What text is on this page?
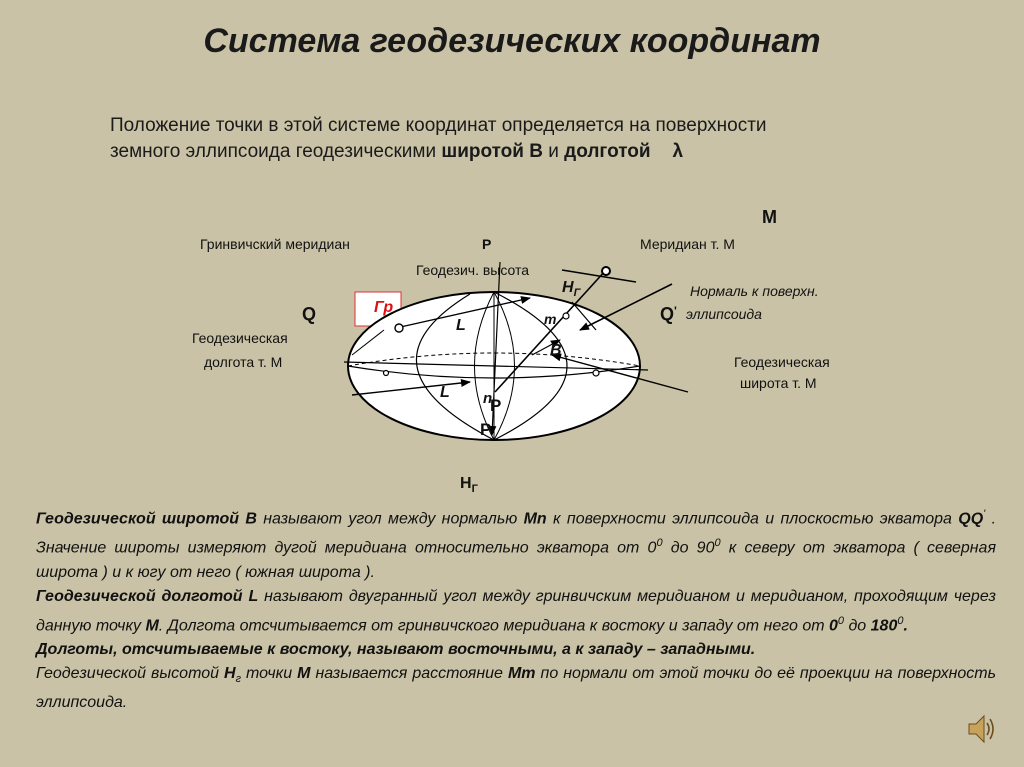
Система геодезических координат
Положение точки в этой системе координат определяется на поверхности
земного эллипсоида геодезическими широтой В и долготой λ
M
Гринвичский меридиан	P	Меридиан т. М
Геодезич. высота
$Н_Г$
Гр
Q	Q'
Нормаль к поверхн.
эллипсоида
L	m
B
Геодезическая
долгота т. М	Геодезическая
широта т. М
L n
P
P
$Н_Г$

Геодезической широтой В называют угол между нормалью Мn к поверхности эллипсоида и плоскостью экватора QQ' . Значение широты измеряют дугой меридиана относительно экватора от $0^0$ до $90^0$ к северу от экватора ( северная широта ) и к югу от него ( южная широта ).

Геодезической долготой L называют двугранный угол между гринвичским меридианом и меридианом, проходящим через данную точку М. Долгота отсчитывается от гринвичского меридиана к востоку и западу от него от $0^0$ до $180^0$.

Долготы, отсчитываемые к востоку, называют восточными, а к западу – западными.

Геодезической высотой $Н_г$ точки М называется расстояние Мm по нормали от этой точки до её проекции на поверхность эллипсоида.
